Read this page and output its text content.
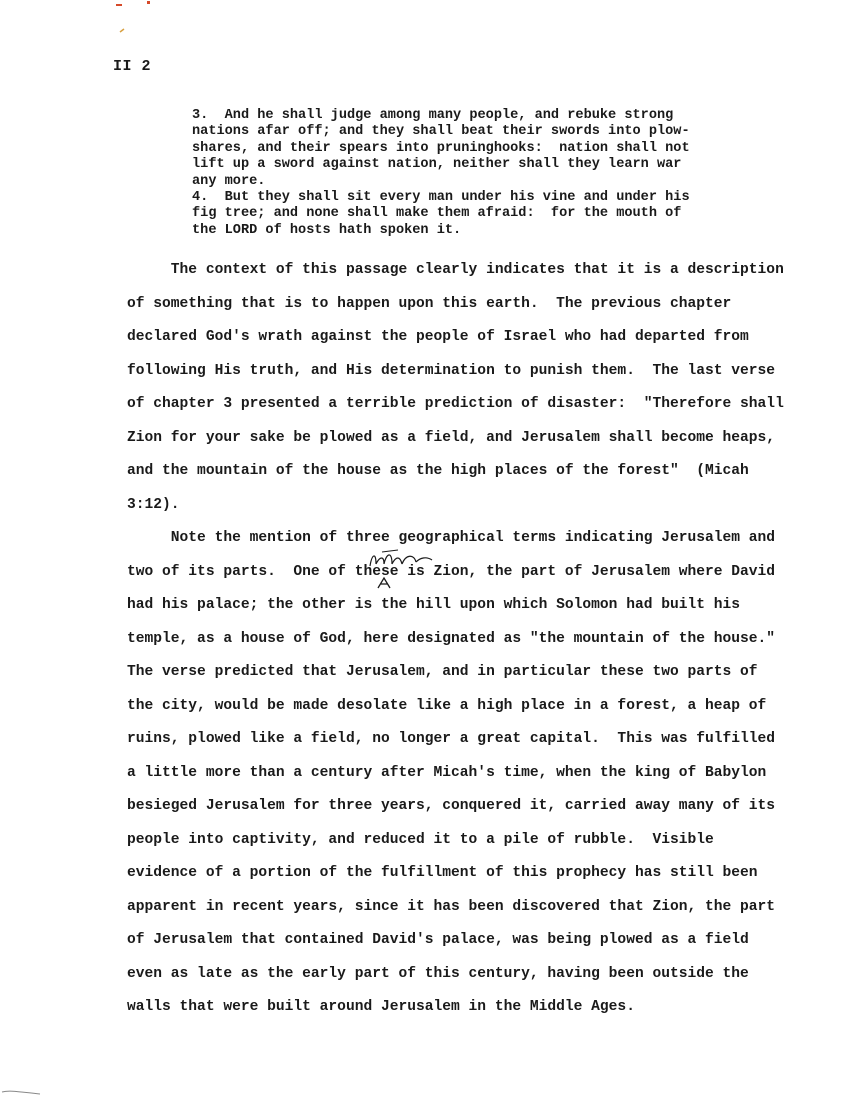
II 2
3.  And he shall judge among many people, and rebuke strong
nations afar off; and they shall beat their swords into plow-
shares, and their spears into pruninghooks:  nation shall not
lift up a sword against nation, neither shall they learn war
any more.
4.  But they shall sit every man under his vine and under his
fig tree; and none shall make them afraid:  for the mouth of
the LORD of hosts hath spoken it.
The context of this passage clearly indicates that it is a description
of something that is to happen upon this earth.  The previous chapter
declared God's wrath against the people of Israel who had departed from
following His truth, and His determination to punish them.  The last verse
of chapter 3 presented a terrible prediction of disaster:  "Therefore shall
Zion for your sake be plowed as a field, and Jerusalem shall become heaps,
and the mountain of the house as the high places of the forest"  (Micah
3:12).
Note the mention of three geographical terms indicating Jerusalem and
two of its parts.  One of these is Zion, the part of Jerusalem where David
had his palace; the other is the hill upon which Solomon had built his
temple, as a house of God, here designated as "the mountain of the house."
The verse predicted that Jerusalem, and in particular these two parts of
the city, would be made desolate like a high place in a forest, a heap of
ruins, plowed like a field, no longer a great capital.  This was fulfilled
a little more than a century after Micah's time, when the king of Babylon
besieged Jerusalem for three years, conquered it, carried away many of its
people into captivity, and reduced it to a pile of rubble.  Visible
evidence of a portion of the fulfillment of this prophecy has still been
apparent in recent years, since it has been discovered that Zion, the part
of Jerusalem that contained David's palace, was being plowed as a field
even as late as the early part of this century, having been outside the
walls that were built around Jerusalem in the Middle Ages.
Latter
